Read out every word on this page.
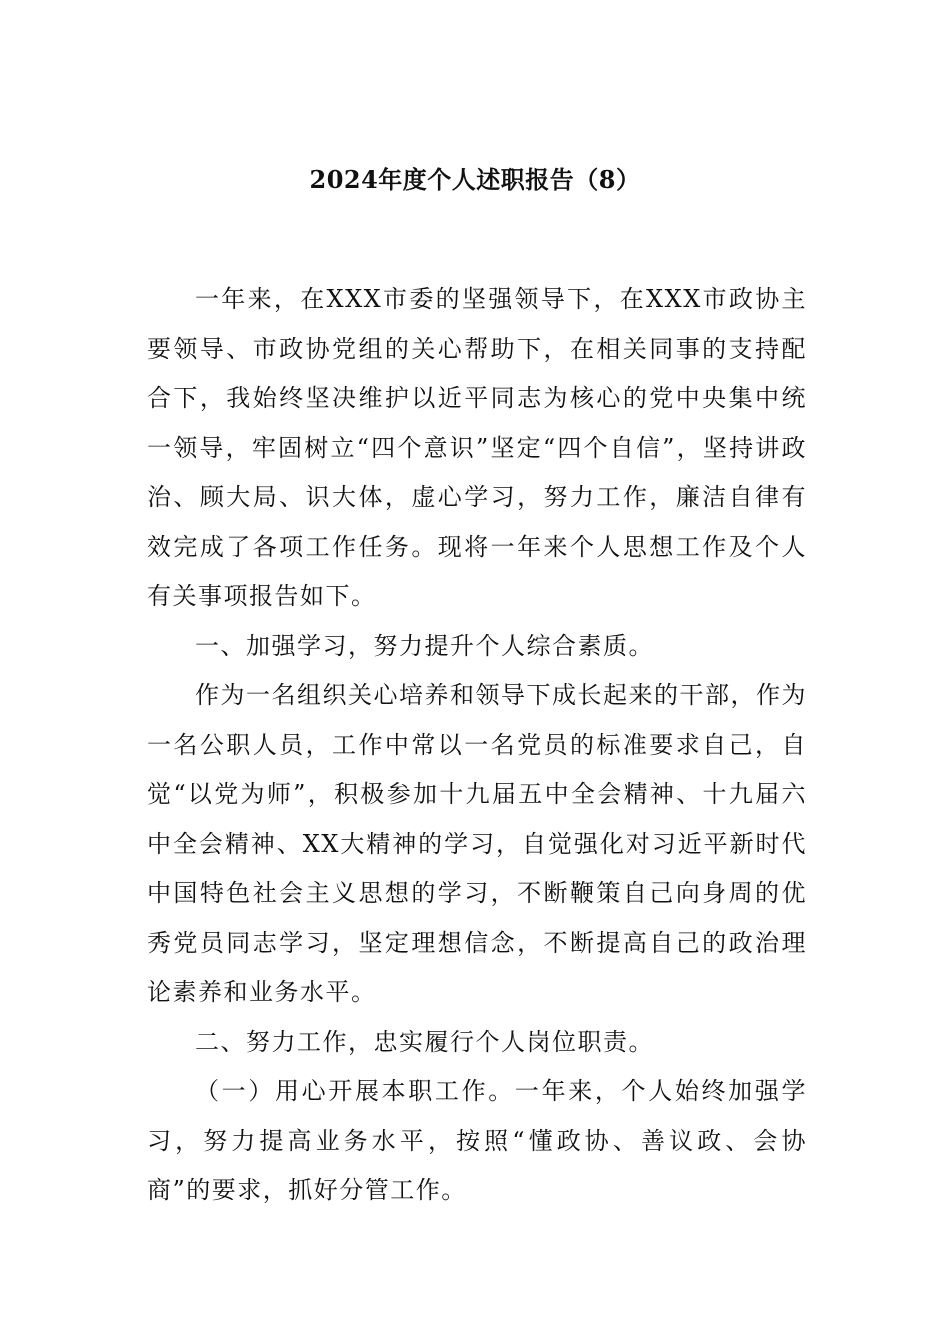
2024年度个人述职报告（8）

一年来，在XXX市委的坚强领导下，在XXX市政协主要领导、市政协党组的关心帮助下，在相关同事的支持配合下，我始终坚决维护以近平同志为核心的党中央集中统一领导，牢固树立“四个意识”坚定“四个自信”，坚持讲政治、顾大局、识大体，虚心学习，努力工作，廉洁自律有效完成了各项工作任务。现将一年来个人思想工作及个人有关事项报告如下。

一、加强学习，努力提升个人综合素质。

作为一名组织关心培养和领导下成长起来的干部，作为一名公职人员，工作中常以一名党员的标准要求自己，自觉“以党为师”，积极参加十九届五中全会精神、十九届六中全会精神、XX大精神的学习，自觉强化对习近平新时代中国特色社会主义思想的学习，不断鞭策自己向身周的优秀党员同志学习，坚定理想信念，不断提高自己的政治理论素养和业务水平。

二、努力工作，忠实履行个人岗位职责。

（一）用心开展本职工作。一年来，个人始终加强学习，努力提高业务水平，按照“懂政协、善议政、会协商”的要求，抓好分管工作。
